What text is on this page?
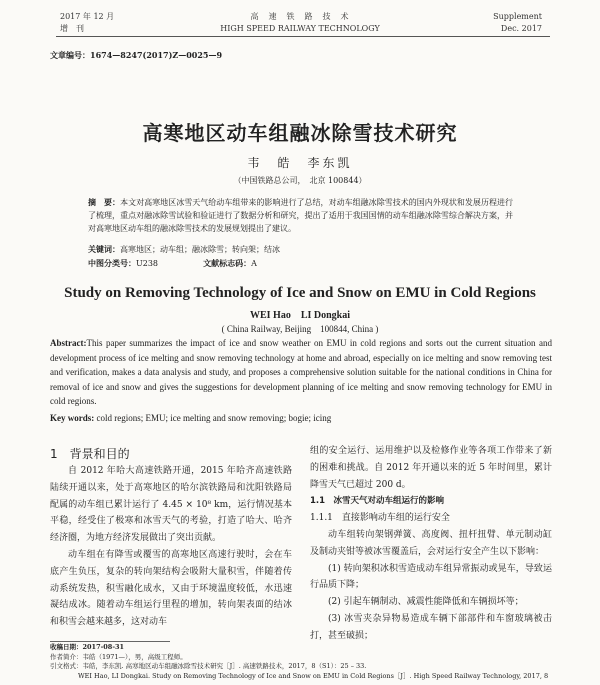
2017 年 12 月
增　刊
高　速　铁　路　技　术
HIGH SPEED RAILWAY TECHNOLOGY
Supplement
Dec. 2017
文章编号：1674—8247(2017)Z—0025—9
高寒地区动车组融冰除雪技术研究
韦　皓　李东凯
（中国铁路总公司，　北京 100844）
摘　要：本文对高寒地区冰雪天气给动车组带来的影响进行了总结，对动车组融冰除雪技术的国内外现状和发展历程进行了梳理，重点对融冰除雪试验和验证进行了数据分析和研究，提出了适用于我国国情的动车组融冰除雪综合解决方案，并对高寒地区动车组的融冰除雪技术的发展规划提出了建议。
关键词：高寒地区；动车组；融冰除雪；转向架；结冰
中图分类号：U238	文献标志码：A
Study on Removing Technology of Ice and Snow on EMU in Cold Regions
WEI Hao　LI Dongkai
( China Railway, Beijing　100844, China )
Abstract:This paper summarizes the impact of ice and snow weather on EMU in cold regions and sorts out the current situation and development process of ice melting and snow removing technology at home and abroad, especially on ice melting and snow removing test and verification, makes a data analysis and study, and proposes a comprehensive solution suitable for the national conditions in China for removal of ice and snow and gives the suggestions for development planning of ice melting and snow removing technology for EMU in cold regions.
Key words: cold regions; EMU; ice melting and snow removing; bogie; icing
1　背景和目的

自 2012 年哈大高速铁路开通，2015 年哈齐高速铁路陆续开通以来，处于高寒地区的哈尔滨铁路局和沈阳铁路局配属的动车组已累计运行了 4.45 × 10⁸ km，运行情况基本平稳，经受住了极寒和冰雪天气的考验，打造了哈大、哈齐经济圈，为地方经济发展做出了突出贡献。

动车组在有降雪或覆雪的高寒地区高速行驶时，会在车底产生负压，复杂的转向架结构会吸附大量积雪，伴随着传动系统发热，积雪融化成水，又由于环境温度较低，水迅速凝结成冰。随着动车组运行里程的增加，转向架表面的结冰和积雪会越来越多，这对动车

组的安全运行、运用维护以及检修作业等各项工作带来了新的困难和挑战。自 2012 年开通以来的近 5 年时间里，累计降雪天气已超过 200 d。

1.1　冰雪天气对动车组运行的影响

1.1.1　直接影响动车组的运行安全

动车组转向架钢弹簧、高度阀、扭杆扭臂、单元制动缸及制动夹钳等被冰雪覆盖后，会对运行安全产生以下影响：

(1) 转向架积冰积雪造成动车组异常振动或晃车，导致运行品质下降；

(2) 引起车辆制动、减震性能降低和车辆损坏等；

(3) 冰雪夹杂异物易造成车辆下部部件和车窗玻璃被击打，甚至破损；

收稿日期：2017-08-31
作者简介：韦皓（1971—），男，高级工程师。
引文格式：韦皓，李东凯. 高寒地区动车组融冰除雪技术研究［J］. 高速铁路技术，2017，8（S1）：25 – 33.
WEI Hao, LI Dongkai. Study on Removing Technology of Ice and Snow on EMU in Cold Regions［J］. High Speed Railway Technology, 2017, 8
